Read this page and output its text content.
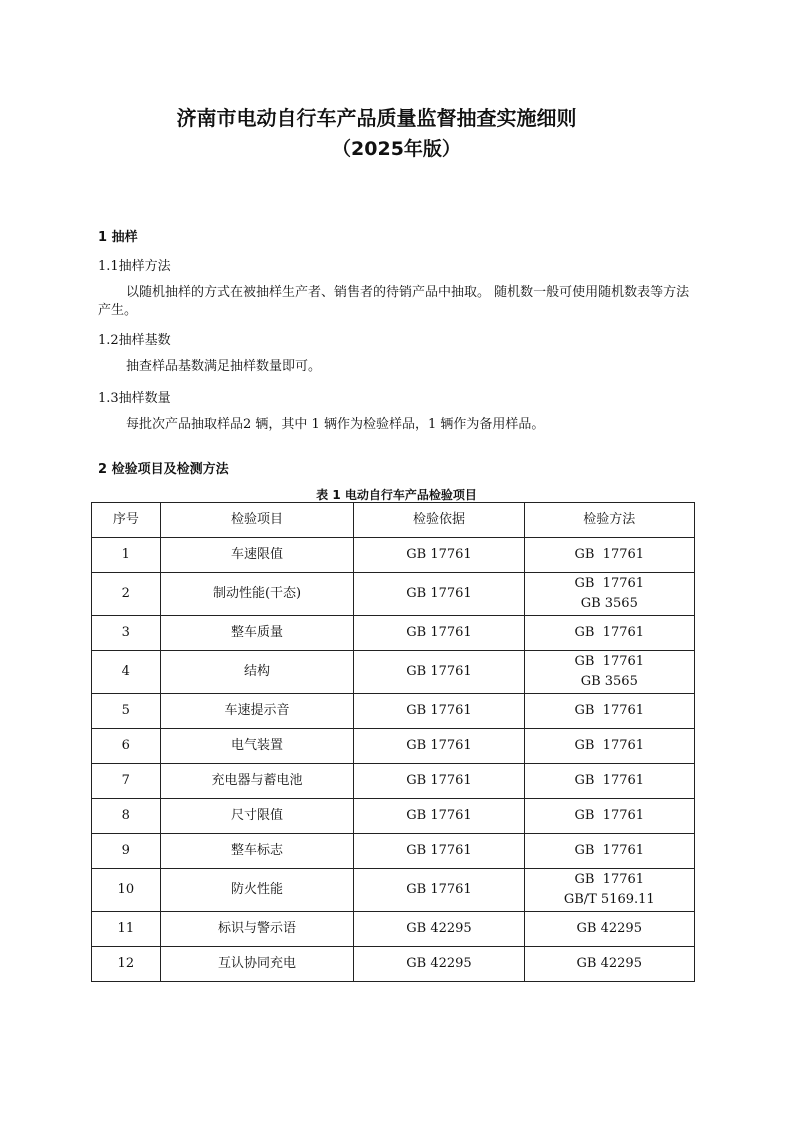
济南市电动自行车产品质量监督抽查实施细则
（2025年版）
1 抽样
1.1抽样方法
以随机抽样的方式在被抽样生产者、销售者的待销产品中抽取。 随机数一般可使用随机数表等方法产生。
1.2抽样基数
抽查样品基数满足抽样数量即可。
1.3抽样数量
每批次产品抽取样品2 辆，其中 1 辆作为检验样品，1 辆作为备用样品。
2 检验项目及检测方法
表 1 电动自行车产品检验项目
序号	检验项目	检验依据	检验方法
1	车速限值	GB 17761	GB  17761

2	制动性能(干态)	GB 17761	GB  17761
GB 3565

3	整车质量	GB 17761	GB  17761

4	结构	GB 17761	GB  17761
GB 3565

5	车速提示音	GB 17761	GB  17761

6	电气装置	GB 17761	GB  17761

7	充电器与蓄电池	GB 17761	GB  17761

8	尺寸限值	GB 17761	GB  17761

9	整车标志	GB 17761	GB  17761

10	防火性能	GB 17761	GB  17761
GB/T 5169.11

11	标识与警示语	GB 42295	GB 42295

12	互认协同充电	GB 42295	GB 42295
